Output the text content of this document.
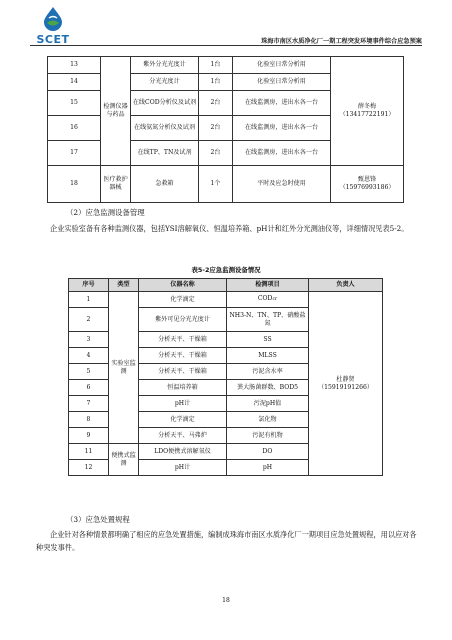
SCET	珠海市南区水质净化厂一期工程突发环境事件综合应急预案
13	检测仪器与药品	紫外分光光度计	1台	化验室日常分析用	薛冬梅
（13417722191）

14		分光光度计	1台	化验室日常分析用	
15		在线COD分析仪及试剂	2台	在线监测房，进出水各一台	
16		在线氨氮分析仪及试剂	2台	在线监测房，进出水各一台	
17		在线TP、TN及试剂	2台	在线监测房，进出水各一台	
18	医疗救护器械	急救箱	1个	平时及应急时使用	甄恩锋
（15976993186）
（2）应急监测设备管理
企业实验室备有各种监测仪器，包括YSI溶解氧仪、恒温培养箱、pH计和红外分光测油仪等，详细情况见表5-2。
表5-2应急监测设备情况
序号	类型	仪器名称	检测项目	负责人
1	实验室监测	化学滴定	CODcr	杜静贤
（15919191266）

2		紫外可见分光光度计	NH3-N、TN、TP、硝酸盐氮	
3		分析天平、干燥箱	SS	
4		分析天平、干燥箱	MLSS	
5		分析天平、干燥箱	污泥含水率	
6		恒温培养箱	粪大肠菌群数、BOD5	
7		pH计	污泥pH值	
8		化学滴定	氯化物	
9		分析天平、马弗炉	污泥有机物	
11	便携式监测	LDO便携式溶解氧仪	DO	
12		pH计	pH	
（3）应急处置规程
企业针对各种情景都明确了相应的应急处置措施，编制成珠海市南区水质净化厂一期项目应急处置规程，用以应对各种突发事件。
18
